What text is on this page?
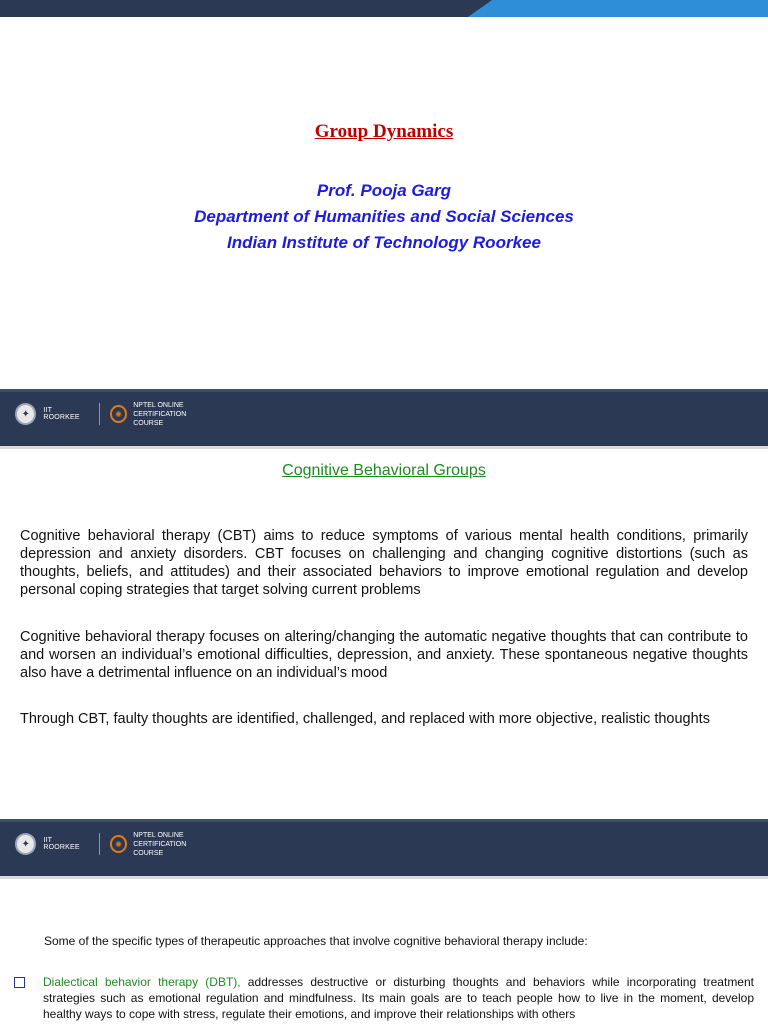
Group Dynamics
Prof. Pooja Garg
Department of Humanities and Social Sciences
Indian Institute of Technology Roorkee
✦	IIT ROORKEE	✺
NPTEL ONLINE
CERTIFICATION COURSE
Cognitive Behavioral Groups

Cognitive behavioral therapy (CBT) aims to reduce symptoms of various mental health conditions, primarily depression and anxiety disorders. CBT focuses on challenging and changing cognitive distortions (such as thoughts, beliefs, and attitudes) and their associated behaviors to improve emotional regulation and develop personal coping strategies that target solving current problems

Cognitive behavioral therapy focuses on altering/changing the automatic negative thoughts that can contribute to and worsen an individual’s emotional difficulties, depression, and anxiety. These spontaneous negative thoughts also have a detrimental influence on an individual’s mood

Through CBT, faulty thoughts are identified, challenged, and replaced with more objective, realistic thoughts

✦	IIT ROORKEE	✺
NPTEL ONLINE
CERTIFICATION COURSE
Some of the specific types of therapeutic approaches that involve cognitive behavioral therapy include:
Dialectical behavior therapy (DBT), addresses destructive or disturbing thoughts and behaviors while incorporating treatment strategies such as emotional regulation and mindfulness. Its main goals are to teach people how to live in the moment, develop healthy ways to cope with stress, regulate their emotions, and improve their relationships with others
